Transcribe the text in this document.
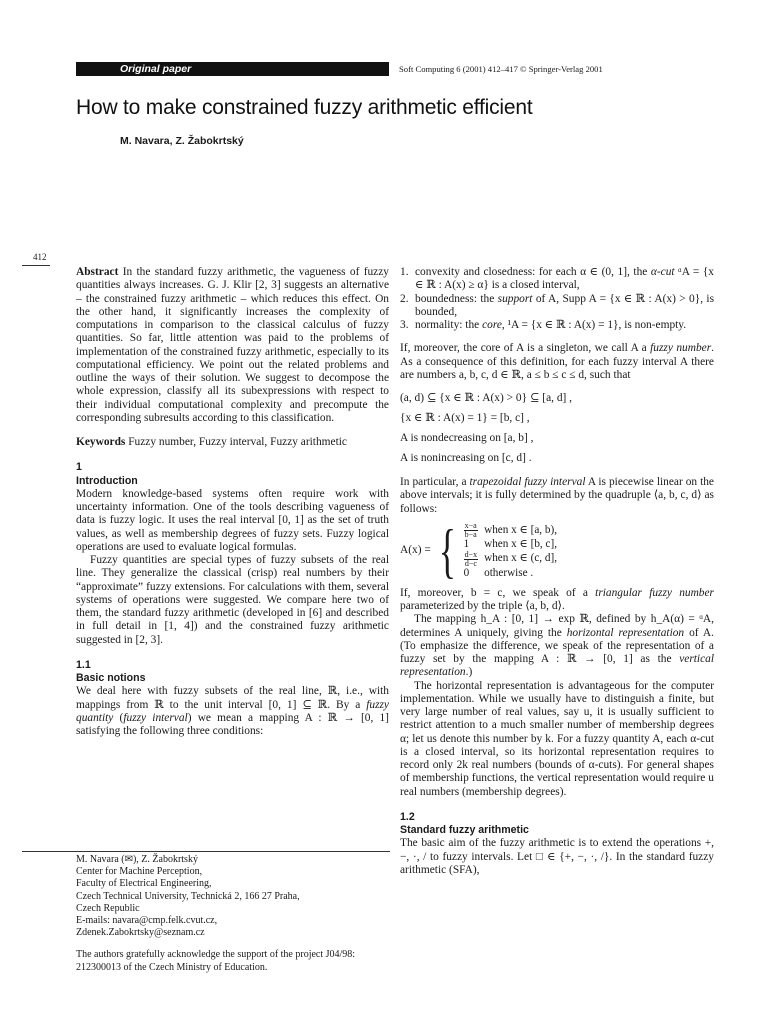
Original paper	Soft Computing 6 (2001) 412–417 © Springer-Verlag 2001
How to make constrained fuzzy arithmetic efficient
M. Navara, Z. Žabokrtský
412

Abstract In the standard fuzzy arithmetic, the vagueness of fuzzy quantities always increases. G. J. Klir [2, 3] suggests an alternative – the constrained fuzzy arithmetic – which reduces this effect. On the other hand, it significantly increases the complexity of computations in comparison to the classical calculus of fuzzy quantities. So far, little attention was paid to the problems of implementation of the constrained fuzzy arithmetic, especially to its computational efficiency. We point out the related problems and outline the ways of their solution. We suggest to decompose the whole expression, classify all its subexpressions with respect to their individual computational complexity and precompute the corresponding subresults according to this classification.

Keywords Fuzzy number, Fuzzy interval, Fuzzy arithmetic

1
Introduction

Modern knowledge-based systems often require work with uncertainty information. One of the tools describing vagueness of data is fuzzy logic. It uses the real interval [0, 1] as the set of truth values, as well as membership degrees of fuzzy sets. Fuzzy logical operations are used to evaluate logical formulas.

Fuzzy quantities are special types of fuzzy subsets of the real line. They generalize the classical (crisp) real numbers by their “approximate” fuzzy extensions. For calculations with them, several systems of operations were suggested. We compare here two of them, the standard fuzzy arithmetic (developed in [6] and described in full detail in [1, 4]) and the constrained fuzzy arithmetic suggested in [2, 3].

1.1
Basic notions

We deal here with fuzzy subsets of the real line, ℝ, i.e., with mappings from ℝ to the unit interval [0, 1] ⊆ ℝ. By a fuzzy quantity (fuzzy interval) we mean a mapping A : ℝ → [0, 1] satisfying the following three conditions:

M. Navara (✉), Z. Žabokrtský

Center for Machine Perception,

Faculty of Electrical Engineering,

Czech Technical University, Technická 2, 166 27 Praha,

Czech Republic

E-mails: navara@cmp.felk.cvut.cz,

Zdenek.Zabokrtsky@seznam.cz

The authors gratefully acknowledge the support of the project J04/98: 212300013 of the Czech Ministry of Education.

1. convexity and closedness: for each α ∈ (0, 1], the α-cut ᵅA = {x ∈ ℝ : A(x) ≥ α} is a closed interval,
2. boundedness: the support of A, Supp A = {x ∈ ℝ : A(x) > 0}, is bounded,
3. normality: the core, ¹A = {x ∈ ℝ : A(x) = 1}, is non-empty.

If, moreover, the core of A is a singleton, we call A a fuzzy number. As a consequence of this definition, for each fuzzy interval A there are numbers a, b, c, d ∈ ℝ, a ≤ b ≤ c ≤ d, such that

(a, d) ⊆ {x ∈ ℝ : A(x) > 0} ⊆ [a, d] ,
{x ∈ ℝ : A(x) = 1} = [b, c] ,
A is nondecreasing on [a, b] ,
A is nonincreasing on [c, d] .

In particular, a trapezoidal fuzzy interval A is piecewise linear on the above intervals; it is fully determined by the quadruple ⟨a, b, c, d⟩ as follows:

A(x) = { $\frac{x-a}{b-a}$	when x ∈ [a, b),
1	when x ∈ [b, c],

$\frac{d-x}{d-c}$	when x ∈ (c, d],
0	otherwise .

If, moreover, b = c, we speak of a triangular fuzzy number parameterized by the triple ⟨a, b, d⟩.

The mapping h_A : [0, 1] → exp ℝ, defined by h_A(α) = ᵅA, determines A uniquely, giving the horizontal representation of A. (To emphasize the difference, we speak of the representation of a fuzzy set by the mapping A : ℝ → [0, 1] as the vertical representation.)

The horizontal representation is advantageous for the computer implementation. While we usually have to distinguish a finite, but very large number of real values, say u, it is usually sufficient to restrict attention to a much smaller number of membership degrees α; let us denote this number by k. For a fuzzy quantity A, each α-cut is a closed interval, so its horizontal representation requires to record only 2k real numbers (bounds of α-cuts). For general shapes of membership functions, the vertical representation would require u real numbers (membership degrees).

1.2
Standard fuzzy arithmetic

The basic aim of the fuzzy arithmetic is to extend the operations +, −, ·, / to fuzzy intervals. Let □ ∈ {+, −, ·, /}. In the standard fuzzy arithmetic (SFA),
